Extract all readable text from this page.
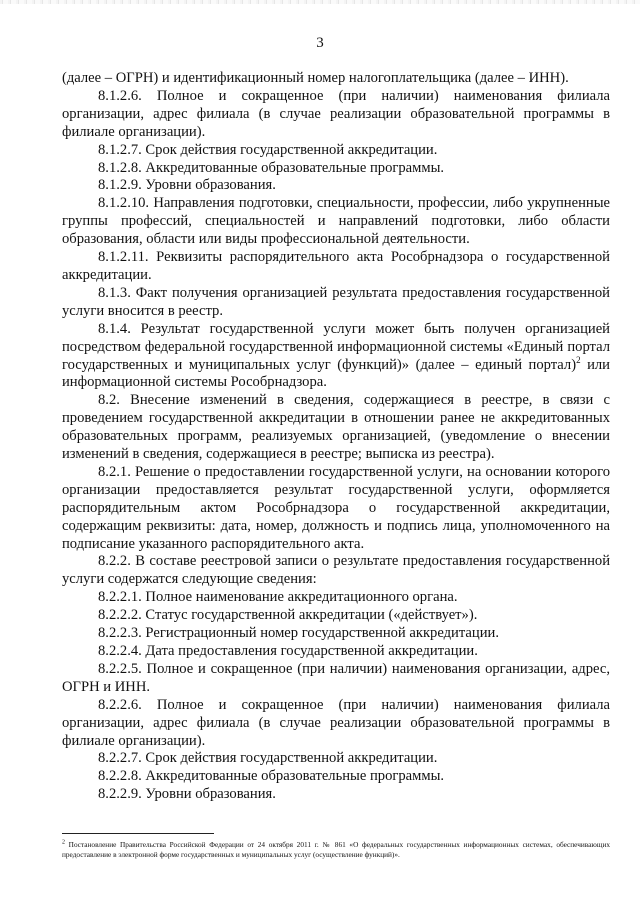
3

(далее – ОГРН) и идентификационный номер налогоплательщика (далее – ИНН).

8.1.2.6. Полное и сокращенное (при наличии) наименования филиала организации, адрес филиала (в случае реализации образовательной программы в филиале организации).

8.1.2.7. Срок действия государственной аккредитации.

8.1.2.8. Аккредитованные образовательные программы.

8.1.2.9. Уровни образования.

8.1.2.10. Направления подготовки, специальности, профессии, либо укрупненные группы профессий, специальностей и направлений подготовки, либо области образования, области или виды профессиональной деятельности.

8.1.2.11. Реквизиты распорядительного акта Рособрнадзора о государственной аккредитации.

8.1.3. Факт получения организацией результата предоставления государственной услуги вносится в реестр.

8.1.4. Результат государственной услуги может быть получен организацией посредством федеральной государственной информационной системы «Единый портал государственных и муниципальных услуг (функций)» (далее – единый портал)$^2$ или информационной системы Рособрнадзора.

8.2. Внесение изменений в сведения, содержащиеся в реестре, в связи с проведением государственной аккредитации в отношении ранее не аккредитованных образовательных программ, реализуемых организацией, (уведомление о внесении изменений в сведения, содержащиеся в реестре; выписка из реестра).

8.2.1. Решение о предоставлении государственной услуги, на основании которого организации предоставляется результат государственной услуги, оформляется распорядительным актом Рособрнадзора о государственной аккредитации, содержащим реквизиты: дата, номер, должность и подпись лица, уполномоченного на подписание указанного распорядительного акта.

8.2.2. В составе реестровой записи о результате предоставления государственной услуги содержатся следующие сведения:

8.2.2.1. Полное наименование аккредитационного органа.

8.2.2.2. Статус государственной аккредитации («действует»).

8.2.2.3. Регистрационный номер государственной аккредитации.

8.2.2.4. Дата предоставления государственной аккредитации.

8.2.2.5. Полное и сокращенное (при наличии) наименования организации, адрес, ОГРН и ИНН.

8.2.2.6. Полное и сокращенное (при наличии) наименования филиала организации, адрес филиала (в случае реализации образовательной программы в филиале организации).

8.2.2.7. Срок действия государственной аккредитации.

8.2.2.8. Аккредитованные образовательные программы.

8.2.2.9. Уровни образования.

$^2$ Постановление Правительства Российской Федерации от 24 октября 2011 г. № 861 «О федеральных государственных информационных системах, обеспечивающих предоставление в электронной форме государственных и муниципальных услуг (осуществление функций)».
